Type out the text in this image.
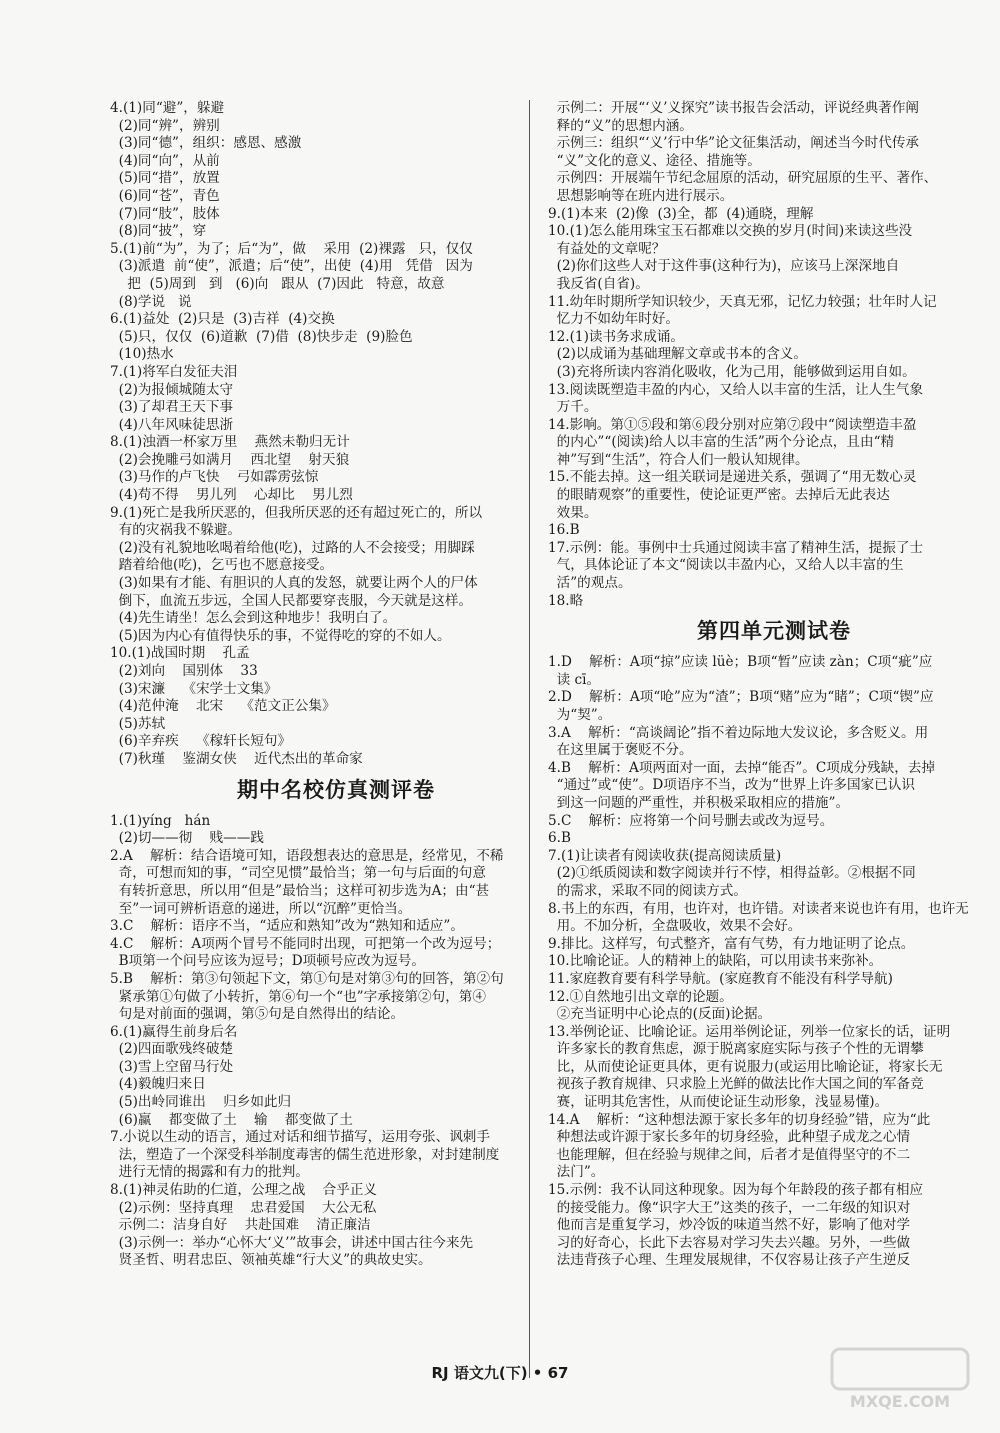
4.(1)同“避”，躲避
(2)同“辨”，辨别
(3)同“德”，组织：感恩、感激
(4)同“向”，从前
(5)同“措”，放置
(6)同“苍”，青色
(7)同“肢”，肢体
(8)同“披”，穿
5.(1)前“为”，为了；后“为”，做    采用  (2)裸露   只，仅仅
(3)派遣  前“使”，派遣；后“使”，出使  (4)用   凭借   因为
把  (5)周到   到   (6)向   跟从  (7)因此   特意，故意
(8)学说   说
6.(1)益处  (2)只是  (3)吉祥  (4)交换
(5)只，仅仅  (6)道歉  (7)借  (8)快步走  (9)脸色
(10)热水
7.(1)将军白发征夫泪
(2)为报倾城随太守
(3)了却君王天下事
(4)八年风味徒思浙
8.(1)浊酒一杯家万里    燕然未勒归无计
(2)会挽雕弓如满月    西北望    射天狼
(3)马作的卢飞快    弓如霹雳弦惊
(4)苟不得    男儿列    心却比    男儿烈
9.(1)死亡是我所厌恶的，但我所厌恶的还有超过死亡的，所以
有的灾祸我不躲避。
(2)没有礼貌地吆喝着给他(吃)，过路的人不会接受；用脚踩
踏着给他(吃)，乞丐也不愿意接受。
(3)如果有才能、有胆识的人真的发怒，就要让两个人的尸体
倒下，血流五步远，全国人民都要穿丧服，今天就是这样。
(4)先生请坐！怎么会到这种地步！我明白了。
(5)因为内心有值得快乐的事，不觉得吃的穿的不如人。
10.(1)战国时期    孔孟
(2)刘向    国别体    33
(3)宋濂    《宋学士文集》
(4)范仲淹    北宋    《范文正公集》
(5)苏轼
(6)辛弃疾    《稼轩长短句》
(7)秋瑾    鉴湖女侠    近代杰出的革命家
期中名校仿真测评卷
1.(1)yíng   hán
(2)切——彻    贱——践
2.A    解析：结合语境可知，语段想表达的意思是，经常见，不稀
奇，可想而知的事，“司空见惯”最恰当；第一句与后面的句意
有转折意思，所以用“但是”最恰当；这样可初步选为A；由“甚
至”一词可辨析语意的递进，所以“沉醉”更恰当。
3.C    解析：语序不当，“适应和熟知”改为“熟知和适应”。
4.C    解析：A项两个冒号不能同时出现，可把第一个改为逗号；
B项第一个问号应该为逗号；D项顿号应改为逗号。
5.B    解析：第③句领起下文，第①句是对第③句的回答，第②句
紧承第①句做了小转折，第⑥句一个“也”字承接第②句，第④
句是对前面的强调，第⑤句是自然得出的结论。
6.(1)赢得生前身后名
(2)四面歌残终破楚
(3)雪上空留马行处
(4)毅魄归来日
(5)出岭同谁出    归乡如此归
(6)赢    都变做了土    输    都变做了土
7.小说以生动的语言，通过对话和细节描写，运用夸张、讽刺手
法，塑造了一个深受科举制度毒害的儒生范进形象，对封建制度
进行无情的揭露和有力的批判。
8.(1)神灵佑助的仁道，公理之战    合乎正义
(2)示例：坚持真理    忠君爱国    大公无私
示例二：洁身自好    共赴国难    清正廉洁
(3)示例一：举办“心怀大‘义’”故事会，讲述中国古往今来先
贤圣哲、明君忠臣、领袖英雄“行大义”的典故史实。
示例二：开展“‘义’义探究”读书报告会活动，评说经典著作阐
释的“义”的思想内涵。
示例三：组织“‘义’行中华”论文征集活动，阐述当今时代传承
“义”文化的意义、途径、措施等。
示例四：开展端午节纪念屈原的活动，研究屈原的生平、著作、
思想影响等在班内进行展示。
9.(1)本来  (2)像  (3)全，都  (4)通晓，理解
10.(1)怎么能用珠宝玉石都难以交换的岁月(时间)来读这些没
有益处的文章呢？
(2)你们这些人对于这件事(这种行为)，应该马上深深地自
我反省(自省)。
11.幼年时期所学知识较少，天真无邪，记忆力较强；壮年时人记
忆力不如幼年时好。
12.(1)读书务求成诵。
(2)以成诵为基础理解文章或书本的含义。
(3)充将所读内容消化吸收，化为己用，能够做到运用自如。
13.阅读既塑造丰盈的内心，又给人以丰富的生活，让人生气象
万千。
14.影响。第①⑤段和第⑥段分别对应第⑦段中“阅读塑造丰盈
的内心”“(阅读)给人以丰富的生活”两个分论点，且由“精
神”写到“生活”，符合人们一般认知规律。
15.不能去掉。这一组关联词是递进关系，强调了“用无数心灵
的眼睛观察”的重要性，使论证更严密。去掉后无此表达
效果。
16.B
17.示例：能。事例中士兵通过阅读丰富了精神生活，提振了士
气，具体论证了本文“阅读以丰盈内心，又给人以丰富的生
活”的观点。
18.略
第四单元测试卷
1.D    解析：A项“掠”应读 lüè；B项“暂”应读 zàn；C项“疵”应
读 cī。
2.D    解析：A项“呛”应为“渣”；B项“赌”应为“睹”；C项“锲”应
为“契”。
3.A    解析：“高谈阔论”指不着边际地大发议论，多含贬义。用
在这里属于褒贬不分。
4.B    解析：A项两面对一面，去掉“能否”。C项成分残缺，去掉
“通过”或“使”。D项语序不当，改为“世界上许多国家已认识
到这一问题的严重性，并积极采取相应的措施”。
5.C    解析：应将第一个问号删去或改为逗号。
6.B
7.(1)让读者有阅读收获(提高阅读质量)
(2)①纸质阅读和数字阅读并行不悖，相得益彰。②根据不同
的需求，采取不同的阅读方式。
8.书上的东西，有用，也许对，也许错。对读者来说也许有用，也许无
用。不加分析，全盘吸收，效果不会好。
9.排比。这样写，句式整齐，富有气势，有力地证明了论点。
10.比喻论证。人的精神上的缺陷，可以用读书来弥补。
11.家庭教育要有科学导航。(家庭教育不能没有科学导航)
12.①自然地引出文章的论题。
②充当证明中心论点的(反面)论据。
13.举例论证、比喻论证。运用举例论证，列举一位家长的话，证明
许多家长的教育焦虑，源于脱离家庭实际与孩子个性的无谓攀
比，从而使论证更具体，更有说服力(或运用比喻论证，将家长无
视孩子教育规律、只求脸上光鲜的做法比作大国之间的军备竞
赛，证明其危害性，从而使论证生动形象，浅显易懂)。
14.A    解析：“这种想法源于家长多年的切身经验”错，应为“此
种想法或许源于家长多年的切身经验，此种望子成龙之心情
也能理解，但在经验与规律之间，后者才是值得坚守的不二
法门”。
15.示例：我不认同这种现象。因为每个年龄段的孩子都有相应
的接受能力。像“识字大王”这类的孩子，一二年级的知识对
他而言是重复学习，炒冷饭的味道当然不好，影响了他对学
习的好奇心，长此下去容易对学习失去兴趣。另外，一些做
法违背孩子心理、生理发展规律，不仅容易让孩子产生逆反
RJ 语文九(下) • 67
MXQE.COM
